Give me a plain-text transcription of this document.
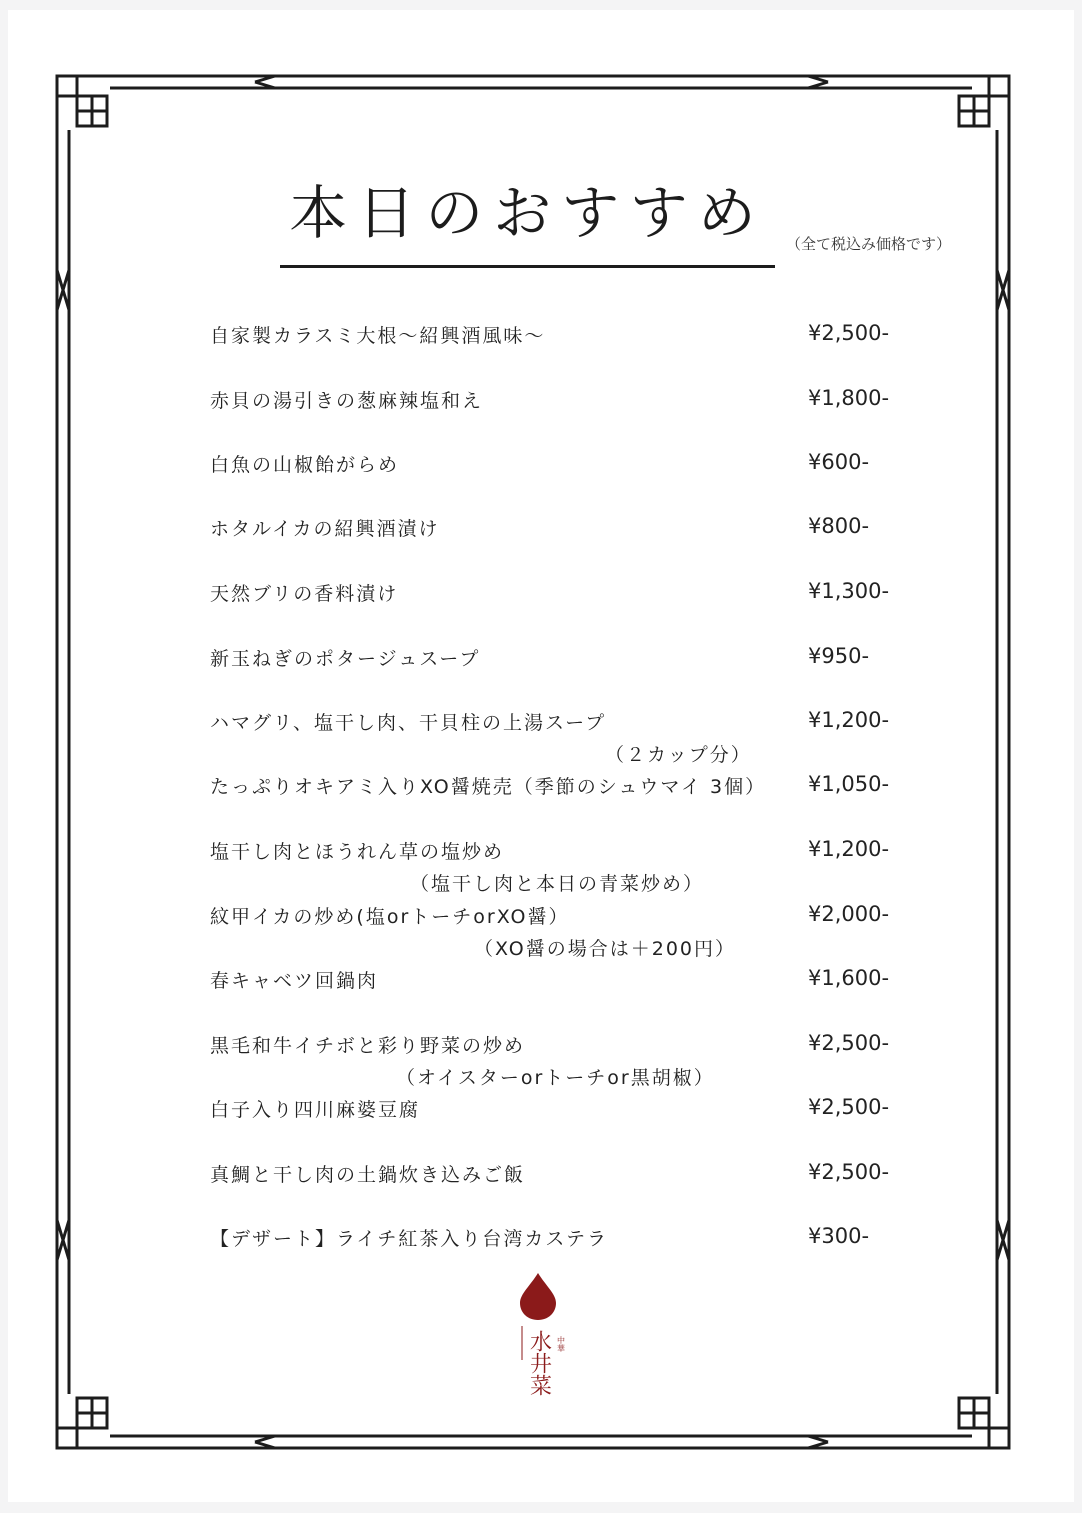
本日のおすすめ	（全て税込み価格です）
自家製カラスミ大根〜紹興酒風味〜	¥2,500-
赤貝の湯引きの葱麻辣塩和え	¥1,800-
白魚の山椒飴がらめ	¥600-
ホタルイカの紹興酒漬け	¥800-
天然ブリの香料漬け	¥1,300-
新玉ねぎのポタージュスープ	¥950-
ハマグリ、塩干し肉、干貝柱の上湯スープ	¥1,200-
（２カップ分）
たっぷりオキアミ入りXO醤焼売（季節のシュウマイ 3個） ¥1,050-
塩干し肉とほうれん草の塩炒め	¥1,200-
（塩干し肉と本日の青菜炒め）
紋甲イカの炒め(塩orトーチorXO醤）	¥2,000-
（XO醤の場合は＋200円）
春キャベツ回鍋肉	¥1,600-
黒毛和牛イチボと彩り野菜の炒め	¥2,500-
（オイスターorトーチor黒胡椒）
白子入り四川麻婆豆腐	¥2,500-
真鯛と干し肉の土鍋炊き込みご飯	¥2,500-
【デザート】ライチ紅茶入り台湾カステラ	¥300-
中華
水井菜
